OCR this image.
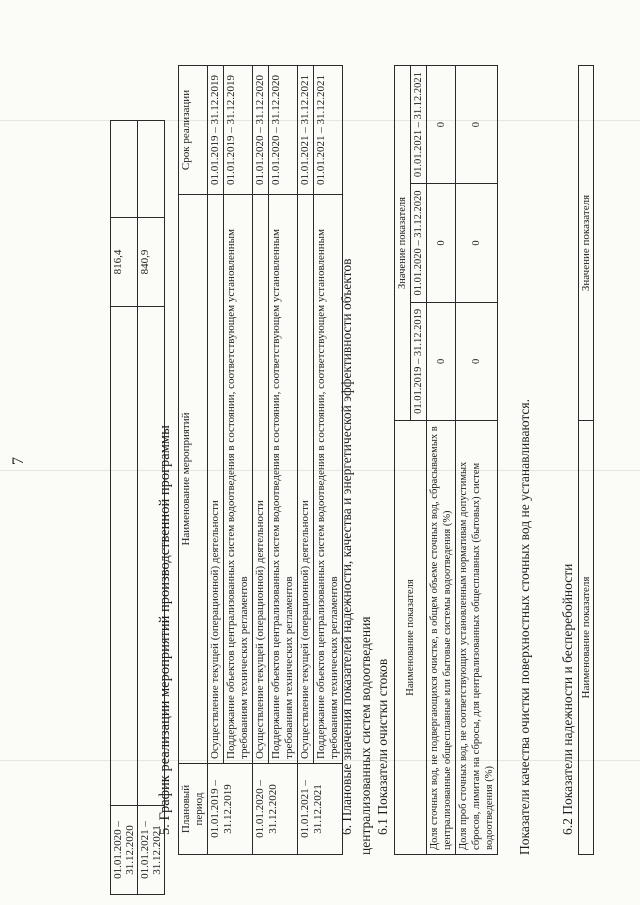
7
01.01.2020 – 31.12.2020		816,4	
01.01.2021 – 31.12.2021		840,9	
5. График реализации мероприятий производственной программы Плановый период	Наименование мероприятий	Срок реализации
01.01.2019 – 31.12.2019	Осуществление текущей (операционной) деятельности	01.01.2019 – 31.12.2019
	Поддержание объектов централизованных систем водоотведения в состоянии, соответствующем установленным требованиям технических регламентов	01.01.2019 – 31.12.2019
01.01.2020 – 31.12.2020	Осуществление текущей (операционной) деятельности	01.01.2020 – 31.12.2020
	Поддержание объектов централизованных систем водоотведения в состоянии, соответствующем установленным требованиям технических регламентов	01.01.2020 – 31.12.2020
01.01.2021 – 31.12.2021	Осуществление текущей (операционной) деятельности	01.01.2021 – 31.12.2021
	Поддержание объектов централизованных систем водоотведения в состоянии, соответствующем установленным требованиям технических регламентов	01.01.2021 – 31.12.2021
6. Плановые значения показателей надежности, качества и энергетической эффективности объектов централизованных систем водоотведения 6.1 Показатели очистки стоков
Наименование показателя	Значение показателя		
	01.01.2019 – 31.12.2019	01.01.2020 – 31.12.2020	01.01.2021 – 31.12.2021
Доля сточных вод, не подвергающихся очистке, в общем объеме сточных вод, сбрасываемых в централизованные общесплавные или бытовые системы водоотведения (%)	0	0	0
Доля проб сточных вод, не соответствующих установленным нормативам допустимых сбросов, лимитам на сбросы, для централизованных общесплавных (бытовых) систем водоотведения (%)	0	0	0
Показатели качества очистки поверхностных сточных вод не устанавливаются. 6.2 Показатели надежности и бесперебойности Наименование показателя	Значение показателя
